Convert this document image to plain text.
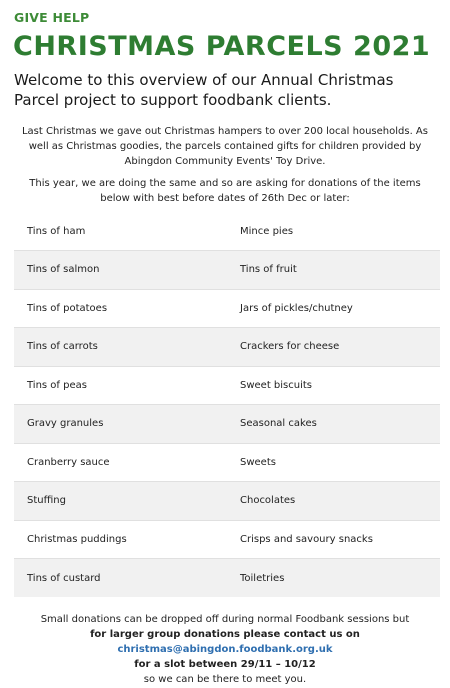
GIVE HELP
CHRISTMAS PARCELS 2021
Welcome to this overview of our Annual Christmas Parcel project to support foodbank clients.
Last Christmas we gave out Christmas hampers to over 200 local households. As well as Christmas goodies, the parcels contained gifts for children provided by Abingdon Community Events' Toy Drive.
This year, we are doing the same and so are asking for donations of the items below with best before dates of 26th Dec or later:
Tins of ham	Mince pies
Tins of salmon	Tins of fruit
Tins of potatoes	Jars of pickles/chutney
Tins of carrots	Crackers for cheese
Tins of peas	Sweet biscuits
Gravy granules	Seasonal cakes
Cranberry sauce	Sweets
Stuffing	Chocolates
Christmas puddings	Crisps and savoury snacks
Tins of custard	Toiletries
Small donations can be dropped off during normal Foodbank sessions but
for larger group donations please contact us on
christmas@abingdon.foodbank.org.uk
for a slot between 29/11 – 10/12
so we can be there to meet you.
